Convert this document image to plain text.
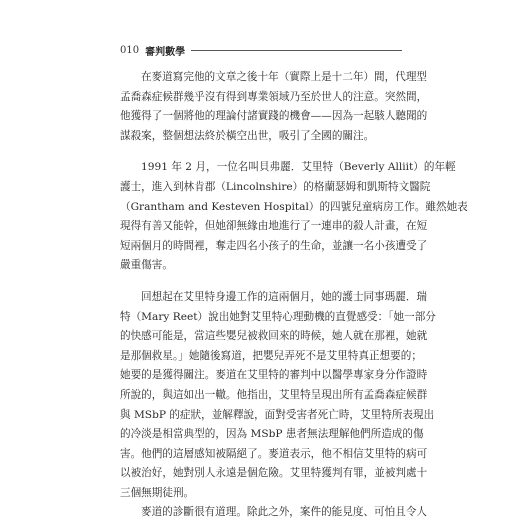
010 審判數學
在麥道寫完他的文章之後十年（實際上是十二年）間，代理型
孟喬森症候群幾乎沒有得到專業領域乃至於世人的注意。突然間，
他獲得了一個將他的理論付諸實踐的機會——因為一起駭人聽聞的
謀殺案，整個想法終於橫空出世，吸引了全國的關注。
1991 年 2 月，一位名叫貝弗麗．艾里特（Beverly Alliit）的年輕
護士，進入到林肯郡（Lincolnshire）的格蘭瑟姆和凱斯特文醫院
（Grantham and Kesteven Hospital）的四號兒童病房工作。雖然她表
現得有善又能幹，但她卻無緣由地進行了一連串的殺人計畫，在短
短兩個月的時間裡，奪走四名小孩子的生命，並讓一名小孩遭受了
嚴重傷害。
回想起在艾里特身邊工作的這兩個月，她的護士同事瑪麗．瑞
特（Mary Reet）說出她對艾里特心理動機的直覺感受：「她一部分
的快感可能是，當這些嬰兒被救回來的時候，她人就在那裡，她就
是那個救星。」她隨後寫道，把嬰兒弄死不是艾里特真正想要的；
她要的是獲得關注。麥道在艾里特的審判中以醫學專家身分作證時
所說的，與這如出一轍。他指出，艾里特呈現出所有孟喬森症候群
與 MSbP 的症狀，並解釋說，面對受害者死亡時，艾里特所表現出
的冷淡是相當典型的，因為 MSbP 患者無法理解他們所造成的傷
害。他們的這層感知被隔絕了。麥道表示，他不相信艾里特的病可
以被治好，她對別人永遠是個危險。艾里特獲判有罪，並被判處十
三個無期徒刑。
麥道的診斷很有道理。除此之外，案件的能見度、可怕且令人
